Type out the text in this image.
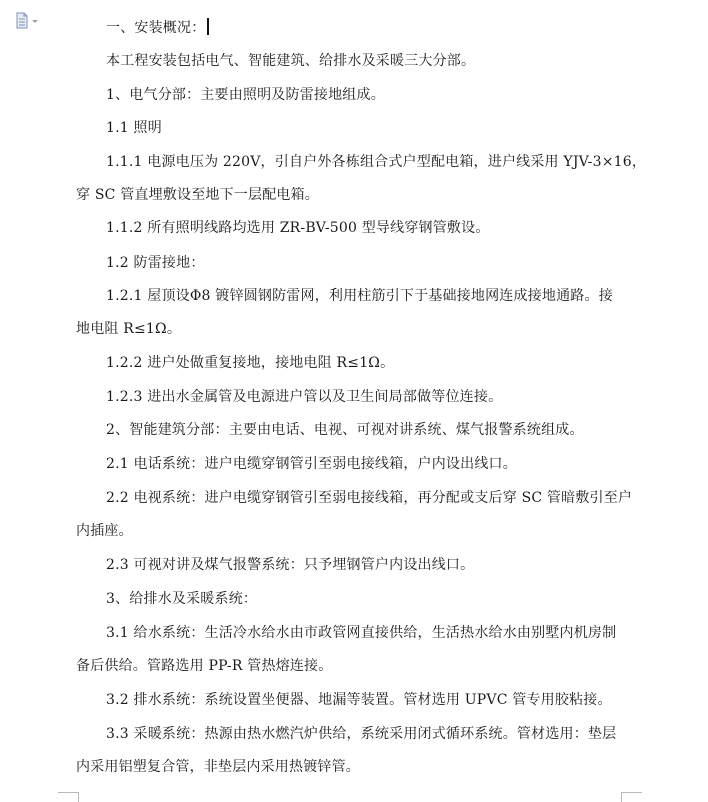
一、安装概况：
本工程安装包括电气、智能建筑、给排水及采暖三大分部。
1、电气分部：主要由照明及防雷接地组成。
1.1 照明
1.1.1 电源电压为 220V，引自户外各栋组合式户型配电箱，进户线采用 YJV-3×16，
穿 SC 管直埋敷设至地下一层配电箱。
1.1.2 所有照明线路均选用 ZR-BV-500 型导线穿钢管敷设。
1.2 防雷接地：
1.2.1 屋顶设Φ8 镀锌圆钢防雷网，利用柱筋引下于基础接地网连成接地通路。接
地电阻 R≤1Ω。
1.2.2 进户处做重复接地，接地电阻 R≤1Ω。
1.2.3 进出水金属管及电源进户管以及卫生间局部做等位连接。
2、智能建筑分部：主要由电话、电视、可视对讲系统、煤气报警系统组成。
2.1 电话系统：进户电缆穿钢管引至弱电接线箱，户内设出线口。
2.2 电视系统：进户电缆穿钢管引至弱电接线箱，再分配或支后穿 SC 管暗敷引至户
内插座。
2.3 可视对讲及煤气报警系统：只予埋钢管户内设出线口。
3、给排水及采暖系统：
3.1 给水系统：生活冷水给水由市政管网直接供给，生活热水给水由别墅内机房制
备后供给。管路选用 PP-R 管热熔连接。
3.2 排水系统：系统设置坐便器、地漏等装置。管材选用 UPVC 管专用胶粘接。
3.3 采暖系统：热源由热水燃汽炉供给，系统采用闭式循环系统。管材选用：垫层
内采用铝塑复合管，非垫层内采用热镀锌管。
